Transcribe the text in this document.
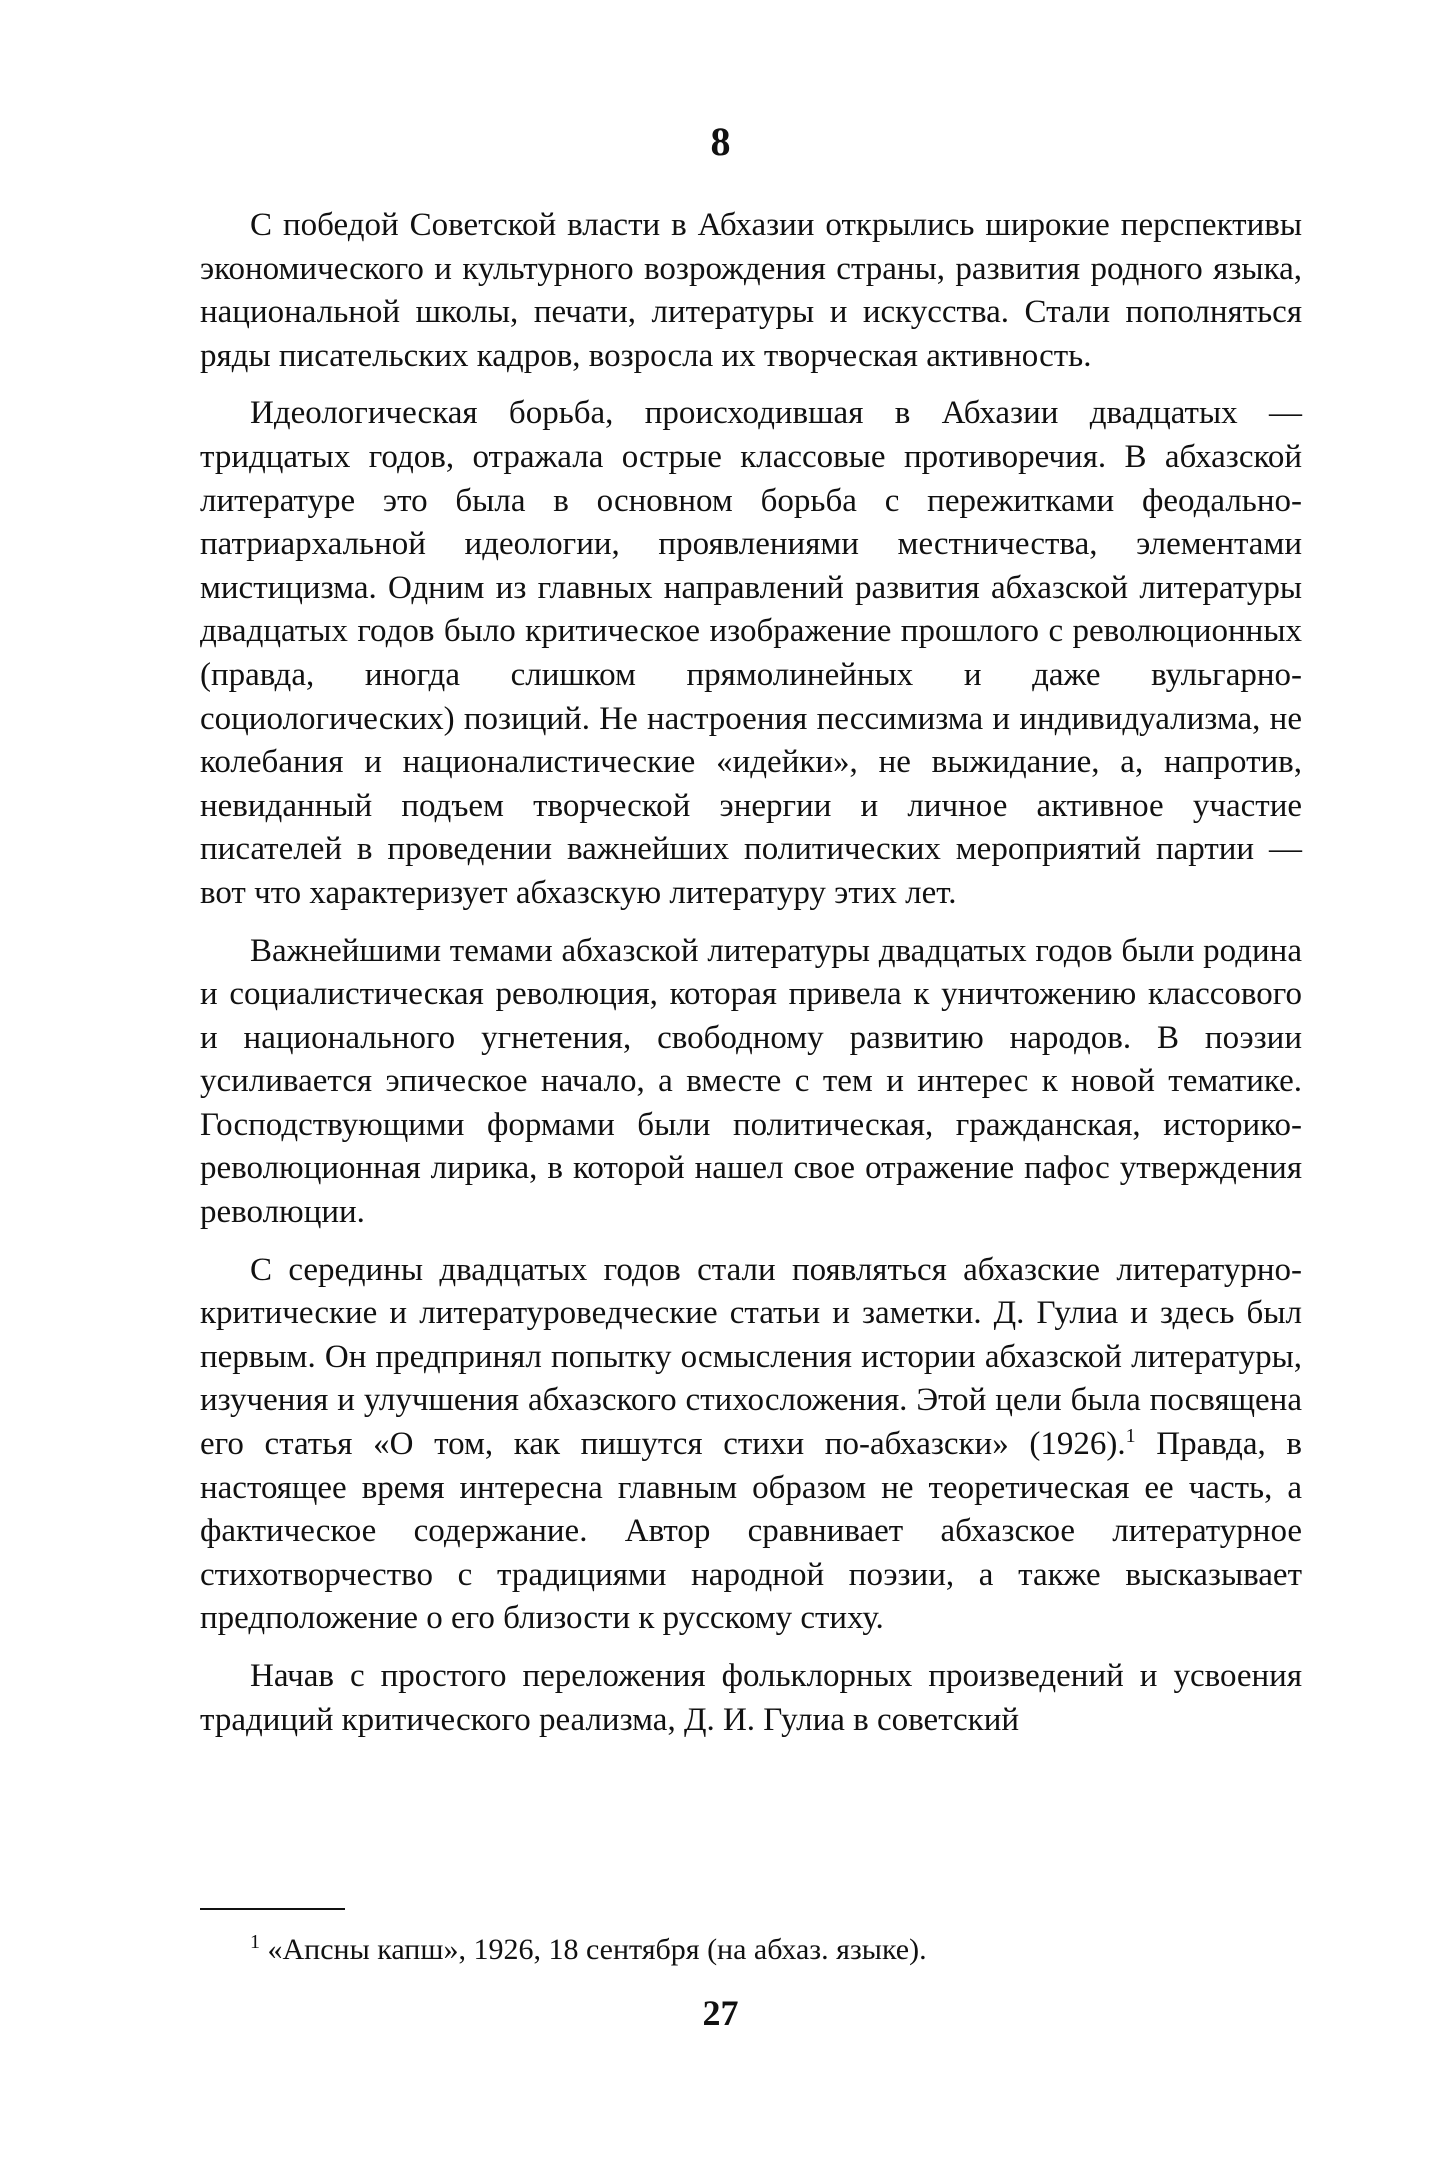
8

С победой Советской власти в Абхазии открылись широкие перспективы экономического и культурного возрождения страны, развития родного языка, национальной школы, печати, литературы и искусства. Стали пополняться ряды писательских кадров, возросла их творческая активность.

Идеологическая борьба, происходившая в Абхазии двадцатых — тридцатых годов, отражала острые классовые противоречия. В абхазской литературе это была в основном борьба с пережитками феодально-патриархальной идеологии, проявлениями местничества, элементами мистицизма. Одним из главных направлений развития абхазской литературы двадцатых годов было критическое изображение прошлого с революционных (правда, иногда слишком прямолинейных и даже вульгарно-социологических) позиций. Не настроения пессимизма и индивидуализма, не колебания и националистические «идейки», не выжидание, а, напротив, невиданный подъем творческой энергии и личное активное участие писателей в проведении важнейших политических мероприятий партии — вот что характеризует абхазскую литературу этих лет.

Важнейшими темами абхазской литературы двадцатых годов были родина и социалистическая революция, которая привела к уничтожению классового и национального угнетения, свободному развитию народов. В поэзии усиливается эпическое начало, а вместе с тем и интерес к новой тематике. Господствующими формами были политическая, гражданская, историко-революционная лирика, в которой нашел свое отражение пафос утверждения революции.

С середины двадцатых годов стали появляться абхазские литературно-критические и литературоведческие статьи и заметки. Д. Гулиа и здесь был первым. Он предпринял попытку осмысления истории абхазской литературы, изучения и улучшения абхазского стихосложения. Этой цели была посвящена его статья «О том, как пишутся стихи по-абхазски» (1926).$^1$ Правда, в настоящее время интересна главным образом не теоретическая ее часть, а фактическое содержание. Автор сравнивает абхазское литературное стихотворчество с традициями народной поэзии, а также высказывает предположение о его близости к русскому стиху.

Начав с простого переложения фольклорных произведений и усвоения традиций критического реализма, Д. И. Гулиа в советский

$^1$ «Апсны капш», 1926, 18 сентября (на абхаз. языке).
27
